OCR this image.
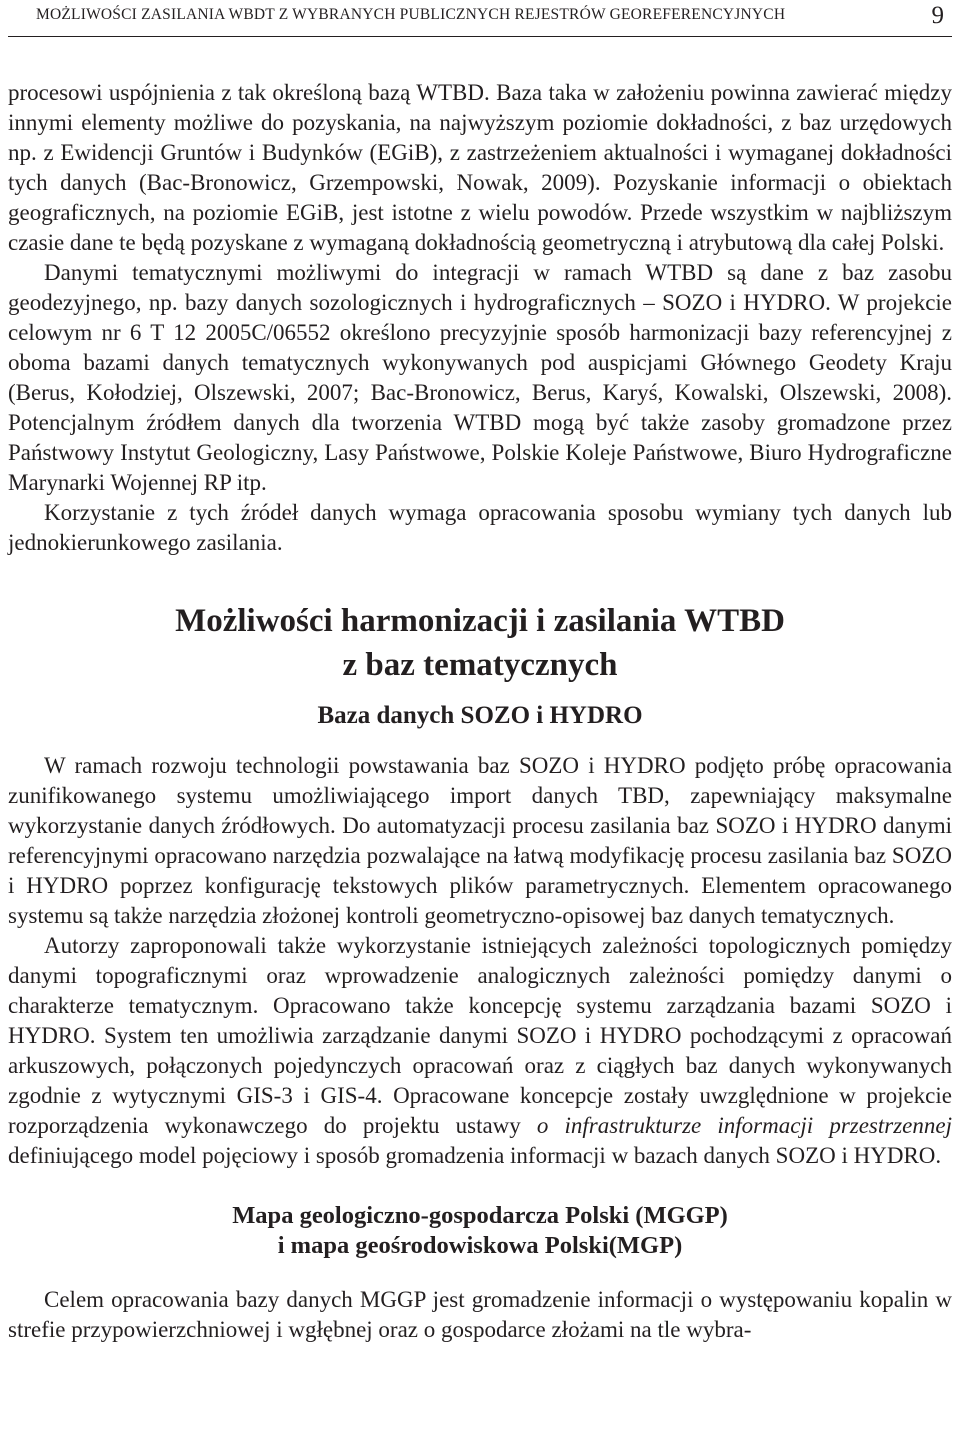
MOŻLIWOŚCI ZASILANIA WBDT Z WYBRANYCH PUBLICZNYCH REJESTRÓW GEOREFERENCYJNYCH	9

procesowi uspójnienia z tak określoną bazą WTBD. Baza taka w założeniu powinna zawierać między innymi elementy możliwe do pozyskania, na najwyższym poziomie dokładności, z baz urzędowych np. z Ewidencji Gruntów i Budynków (EGiB), z zastrzeżeniem aktualności i wymaganej dokładności tych danych (Bac-Bronowicz, Grzempowski, Nowak, 2009). Pozyskanie informacji o obiektach geograficznych, na poziomie EGiB, jest istotne z wielu powodów. Przede wszystkim w najbliższym czasie dane te będą pozyskane z wymaganą dokładnością geometryczną i atrybutową dla całej Polski.

Danymi tematycznymi możliwymi do integracji w ramach WTBD są dane z baz zasobu geodezyjnego, np. bazy danych sozologicznych i hydrograficznych – SOZO i HYDRO. W projekcie celowym nr 6 T 12 2005C/06552 określono precyzyjnie sposób harmonizacji bazy referencyjnej z oboma bazami danych tematycznych wykonywanych pod auspicjami Głównego Geodety Kraju (Berus, Kołodziej, Olszewski, 2007; Bac-Bronowicz, Berus, Karyś, Kowalski, Olszewski, 2008). Potencjalnym źródłem danych dla tworzenia WTBD mogą być także zasoby gromadzone przez Państwowy Instytut Geologiczny, Lasy Państwowe, Polskie Koleje Państwowe, Biuro Hydrograficzne Marynarki Wojennej RP itp.

Korzystanie z tych źródeł danych wymaga opracowania sposobu wymiany tych danych lub jednokierunkowego zasilania.

Możliwości harmonizacji i zasilania WTBD
z baz tematycznych
Baza danych SOZO i HYDRO

W ramach rozwoju technologii powstawania baz SOZO i HYDRO podjęto próbę opracowania zunifikowanego systemu umożliwiającego import danych TBD, zapewniający maksymalne wykorzystanie danych źródłowych. Do automatyzacji procesu zasilania baz SOZO i HYDRO danymi referencyjnymi opracowano narzędzia pozwalające na łatwą modyfikację procesu zasilania baz SOZO i HYDRO poprzez konfigurację tekstowych plików parametrycznych. Elementem opracowanego systemu są także narzędzia złożonej kontroli geometryczno-opisowej baz danych tematycznych.

Autorzy zaproponowali także wykorzystanie istniejących zależności topologicznych pomiędzy danymi topograficznymi oraz wprowadzenie analogicznych zależności pomiędzy danymi o charakterze tematycznym. Opracowano także koncepcję systemu zarządzania bazami SOZO i HYDRO. System ten umożliwia zarządzanie danymi SOZO i HYDRO pochodzącymi z opracowań arkuszowych, połączonych pojedynczych opracowań oraz z ciągłych baz danych wykonywanych zgodnie z wytycznymi GIS-3 i GIS-4. Opracowane koncepcje zostały uwzględnione w projekcie rozporządzenia wykonawczego do projektu ustawy o infrastrukturze informacji przestrzennej definiującego model pojęciowy i sposób gromadzenia informacji w bazach danych SOZO i HYDRO.

Mapa geologiczno-gospodarcza Polski (MGGP)
i mapa geośrodowiskowa Polski(MGP)

Celem opracowania bazy danych MGGP jest gromadzenie informacji o występowaniu kopalin w strefie przypowierzchniowej i wgłębnej oraz o gospodarce złożami na tle wybra-
